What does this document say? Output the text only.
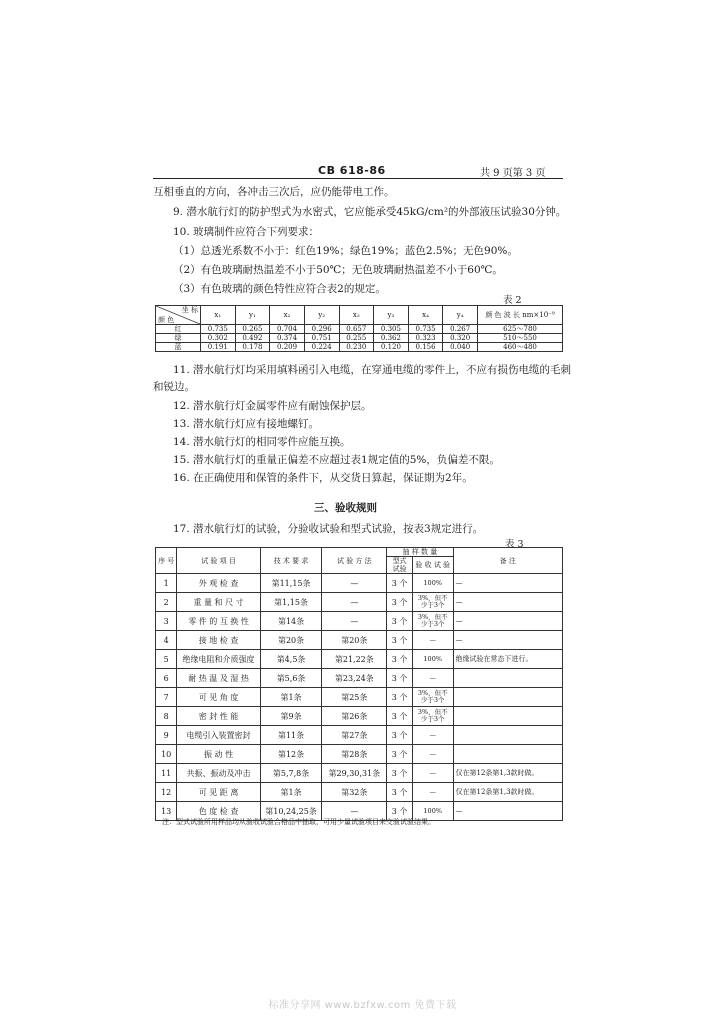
CB 618-86	共 9 页第 3 页
互相垂直的方向，各冲击三次后，应仍能带电工作。
9. 潜水航行灯的防护型式为水密式，它应能承受45kG/cm²的外部液压试验30分钟。
10. 玻璃制件应符合下列要求：
（1）总透光系数不小于：红色19%；绿色19%；蓝色2.5%；无色90%。
（2）有色玻璃耐热温差不小于50℃；无色玻璃耐热温差不小于60℃。
（3）有色玻璃的颜色特性应符合表2的规定。
表 2
坐 标
颜 色	x₁	y₁	x₂	y₂	x₃	y₃	x₄	y₄	颜 色 波 长 nm×10⁻⁹
红	0.735	0.265	0.704	0.296	0.657	0.305	0.735	0.267	625～780
绿	0.302	0.492	0.374	0.751	0.255	0.362	0.323	0.320	510～550
蓝	0.191	0.178	0.209	0.224	0.230	0.120	0.156	0.040	460～480
11. 潜水航行灯均采用填料函引入电缆，在穿通电缆的零件上，不应有损伤电缆的毛刺
和锐边。
12. 潜水航行灯金属零件应有耐蚀保护层。
13. 潜水航行灯应有接地螺钉。
14. 潜水航行灯的相同零件应能互换。
15. 潜水航行灯的重量正偏差不应超过表1规定值的5%，负偏差不限。
16. 在正确使用和保管的条件下，从交货日算起，保证期为2年。
三、验收规则
17. 潜水航行灯的试验，分验收试验和型式试验，按表3规定进行。
表 3
序 号	试 验 项 目	技 术 要 求	试 验 方 法	抽 样 数 量		备 注
				型式 试验	验 收 试 验	
1	外 观 检 查	第11,15条	—	3 个	100%	—
2	重 量 和 尺 寸	第1,15条	—	3 个	3%，但不少于3个	—
3	零 件 的 互 换 性	第14条	—	3 个	3%，但不少于3个	—
4	接 地 检 查	第20条	第20条	3 个	—	—
5	绝缘电阻和介质强度	第4,5条	第21,22条	3 个	100%	绝缘试验在常态下进行。
6	耐 热 温 及 湿 热	第5,6条	第23,24条	3 个	—	
7	可 见 角 度	第1条	第25条	3 个	3%，但不少于3个	
8	密 封 性 能	第9条	第26条	3 个	3%，但不少于3个	
9	电缆引入装置密封	第11条	第27条	3 个	—	
10	振 动 性	第12条	第28条	3 个	—	
11	共振、振动及冲击	第5,7,8条	第29,30,31条	3 个	—	仅在第12条第1,3款时做。
12	可 见 距 离	第1条	第32条	3 个	—	仅在第12条第1,3款时做。
13	色 度 检 查	第10,24,25条	—	3 个	100%	—
注：型式试验所用样品均从验收试验合格品中抽取，可用少量试验项目来交验试验结果。
标准分享网 www.bzfxw.com 免费下载
